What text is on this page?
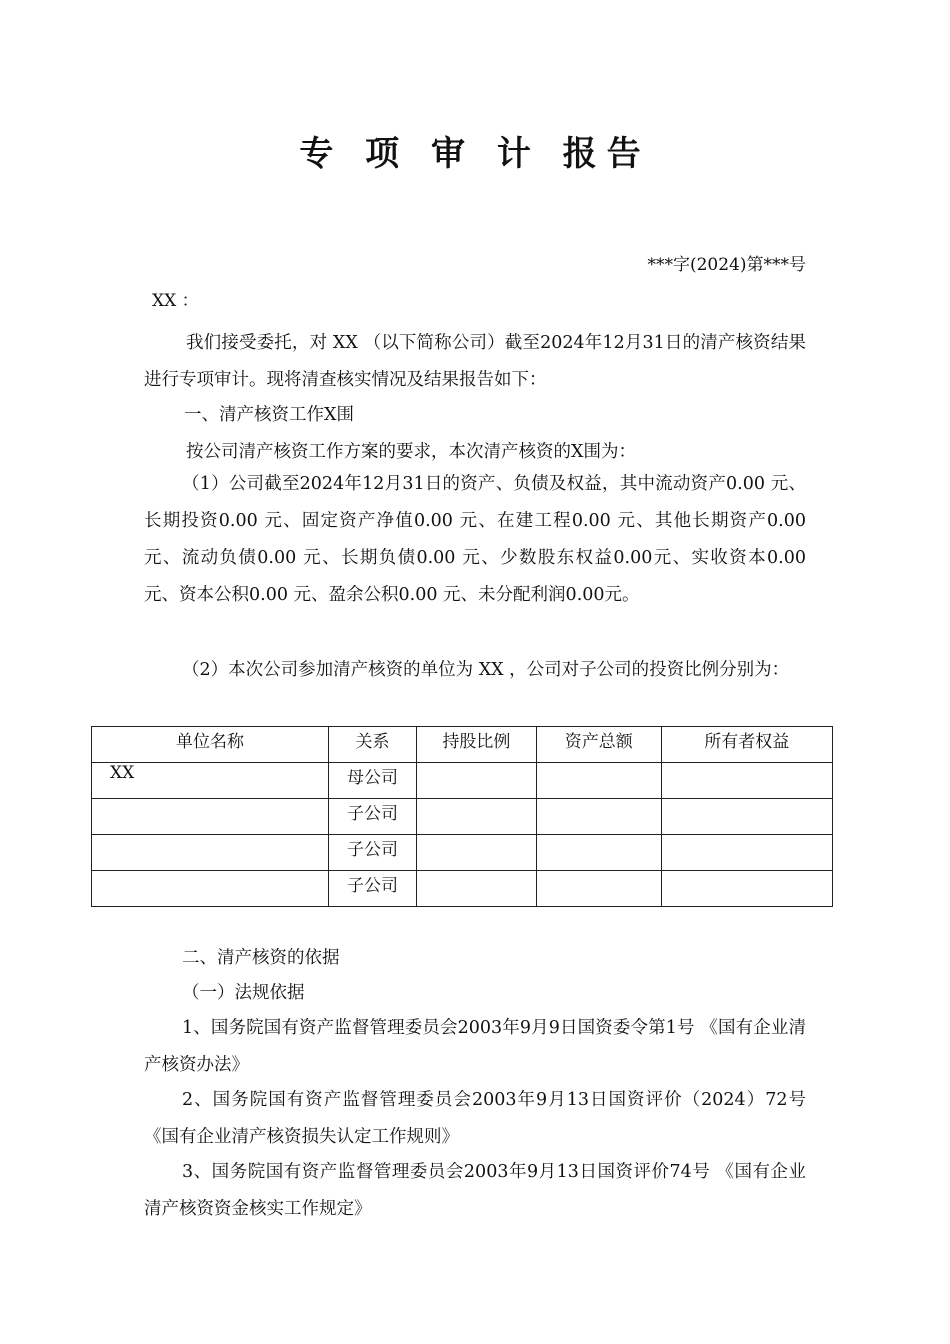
专 项 审 计 报告
***字(2024)第***号
XX ：
我们接受委托，对 XX （以下简称公司）截至2024年12月31日的清产核资结果进行专项审计。现将清查核实情况及结果报告如下：
一、清产核资工作X围
按公司清产核资工作方案的要求，本次清产核资的X围为：
（1）公司截至2024年12月31日的资产、负债及权益，其中流动资产0.00 元、长期投资0.00 元、固定资产净值0.00 元、在建工程0.00 元、其他长期资产0.00 元、流动负债0.00 元、长期负债0.00 元、少数股东权益0.00元、实收资本0.00 元、资本公积0.00 元、盈余公积0.00 元、未分配利润0.00元。
（2）本次公司参加清产核资的单位为 XX ，公司对子公司的投资比例分别为：
单位名称	关系	持股比例	资产总额	所有者权益
XX	母公司			
	子公司			
	子公司			
	子公司			
二、清产核资的依据
（一）法规依据
1、国务院国有资产监督管理委员会2003年9月9日国资委令第1号 《国有企业清产核资办法》
2、国务院国有资产监督管理委员会2003年9月13日国资评价（2024）72号 《国有企业清产核资损失认定工作规则》
3、国务院国有资产监督管理委员会2003年9月13日国资评价74号 《国有企业清产核资资金核实工作规定》
